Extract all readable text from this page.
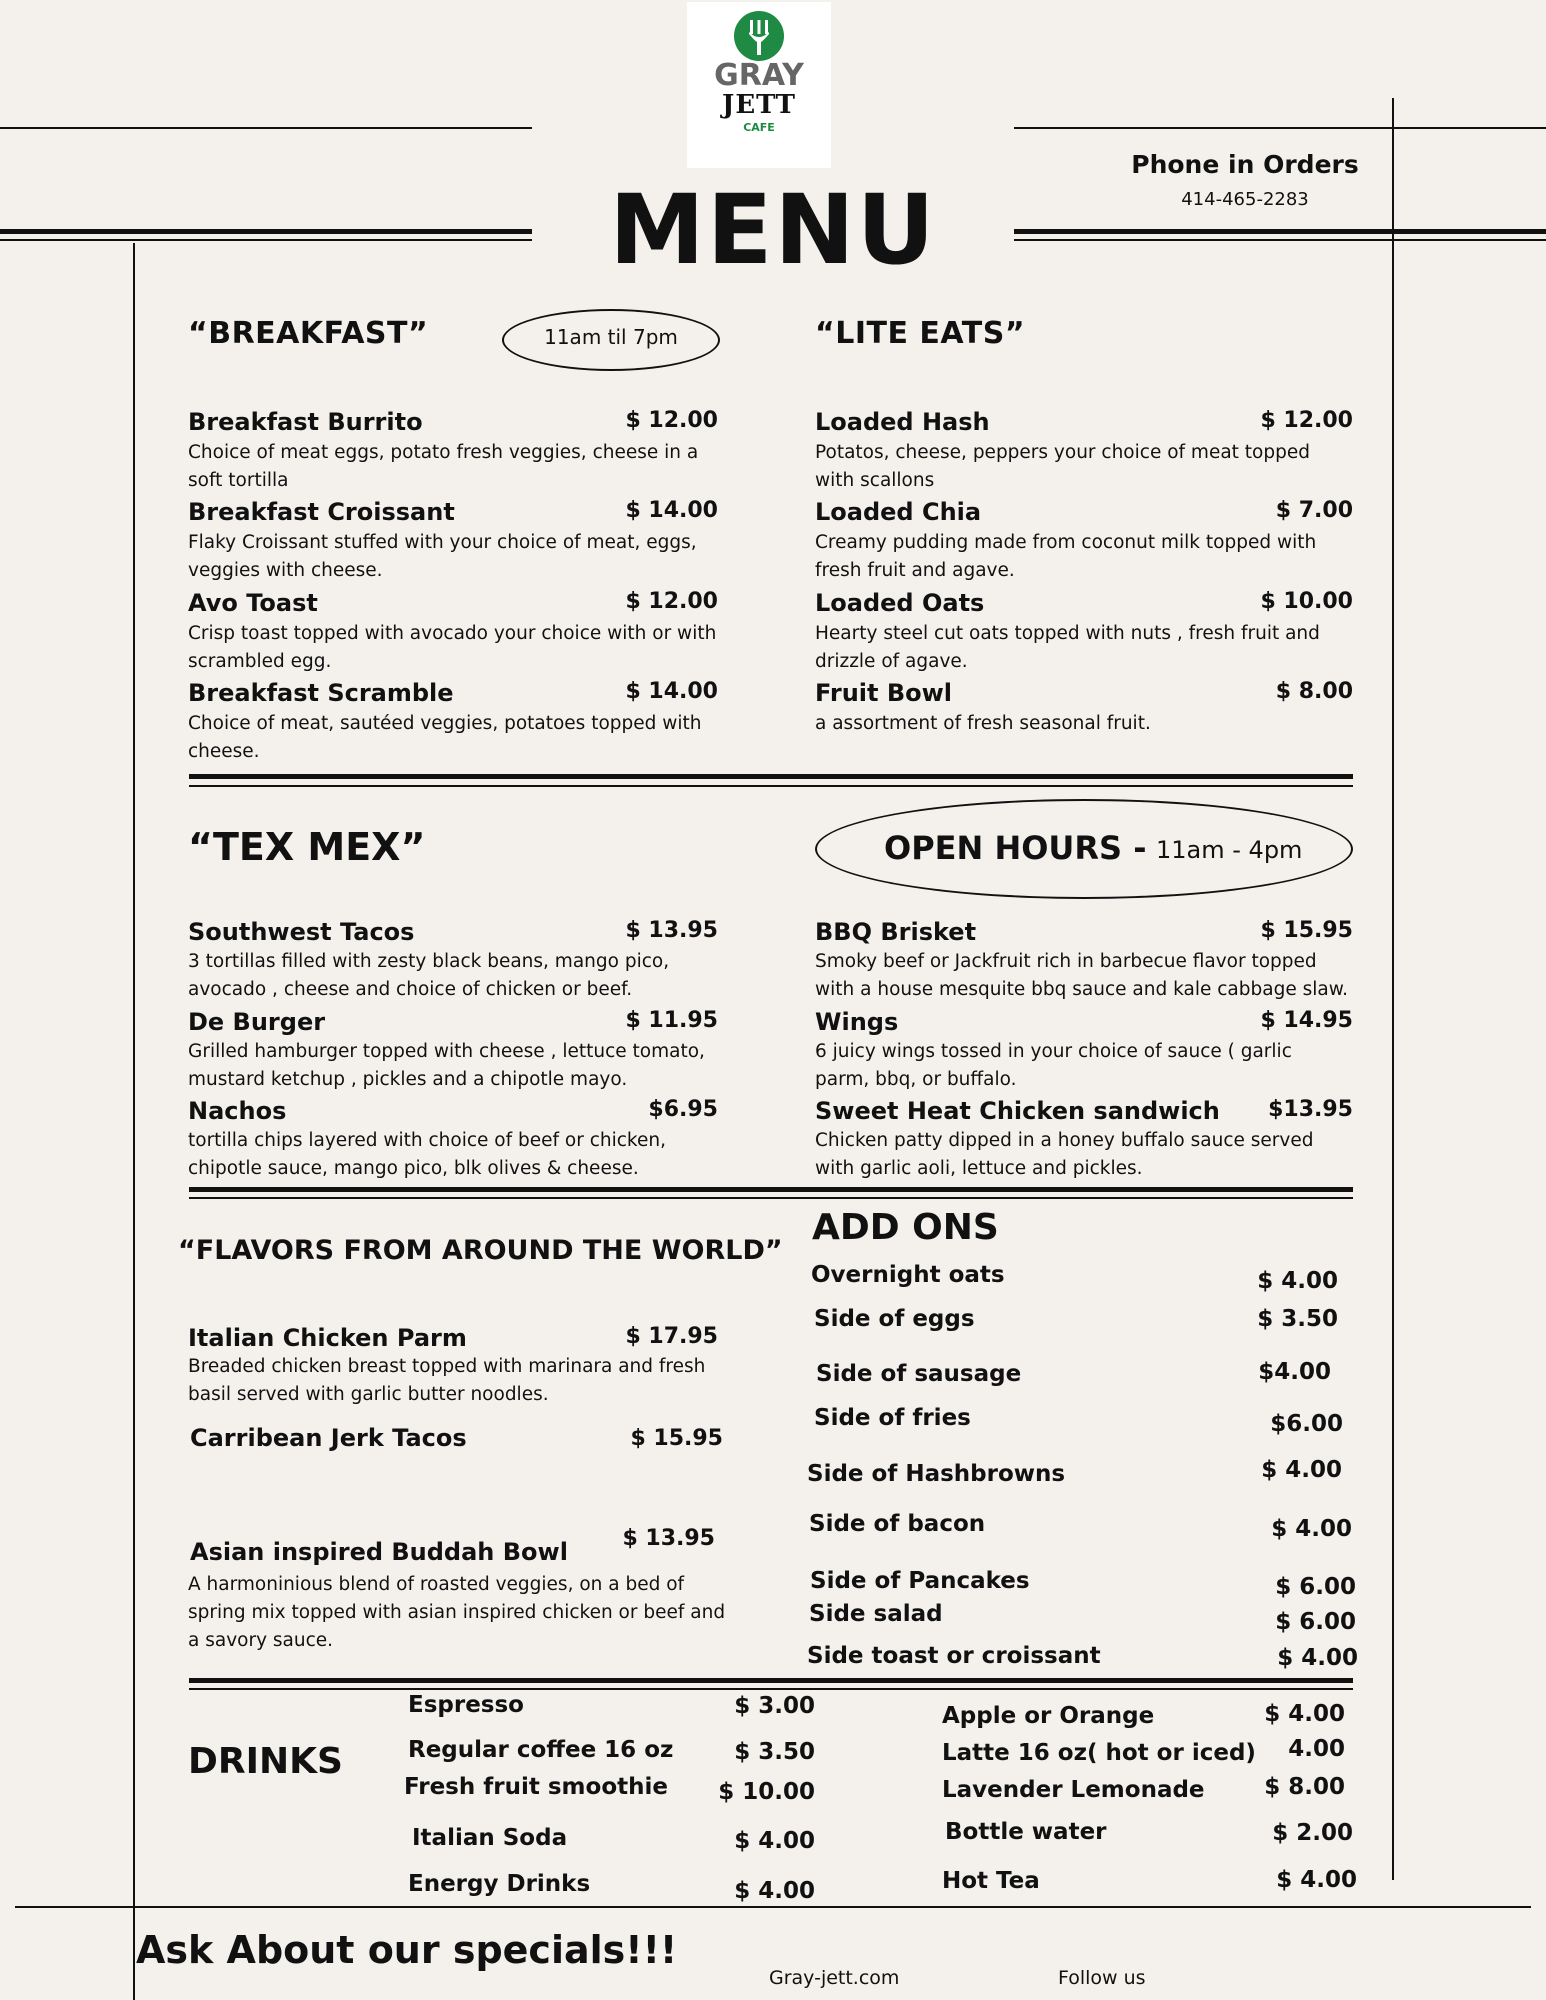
GRAY
JETT
CAFE
MENU
Phone in Orders
414-465-2283
“BREAKFAST”	11am til 7pm
Breakfast Burrito	$ 12.00
Choice of meat eggs, potato fresh veggies, cheese in a soft tortilla
Breakfast Croissant	$ 14.00
Flaky Croissant stuffed with your choice of meat, eggs, veggies with cheese.
Avo Toast	$ 12.00
Crisp toast topped with avocado your choice with or with scrambled egg.
Breakfast Scramble	$ 14.00
Choice of meat, sautéed veggies, potatoes topped with cheese.
“LITE EATS”
Loaded Hash	$ 12.00
Potatos, cheese, peppers your choice of meat topped with scallons
Loaded Chia	$ 7.00
Creamy pudding made from coconut milk topped with fresh fruit and agave.
Loaded Oats	$ 10.00
Hearty steel cut oats topped with nuts , fresh fruit and drizzle of agave.
Fruit Bowl	$ 8.00
a assortment of fresh seasonal fruit.
“TEX MEX”
Southwest Tacos	$ 13.95
3 tortillas filled with zesty black beans, mango pico, avocado , cheese and choice of chicken or beef.
De Burger	$ 11.95
Grilled hamburger topped with cheese , lettuce tomato, mustard ketchup , pickles and a chipotle mayo.
Nachos	$6.95
tortilla chips layered with choice of beef or chicken, chipotle sauce, mango pico, blk olives & cheese.
OPEN HOURS - 11am - 4pm
BBQ Brisket	$ 15.95
Smoky beef or Jackfruit rich in barbecue flavor topped with a house mesquite bbq sauce and kale cabbage slaw.
Wings	$ 14.95
6 juicy wings tossed in your choice of sauce ( garlic parm, bbq, or buffalo.
Sweet Heat Chicken sandwich	$13.95
Chicken patty dipped in a honey buffalo sauce served with garlic aoli, lettuce and pickles.
“FLAVORS FROM AROUND THE WORLD”
Italian Chicken Parm	$ 17.95
Breaded chicken breast topped with marinara and fresh basil served with garlic butter noodles.
Carribean Jerk Tacos	$ 15.95
Asian inspired Buddah Bowl	$ 13.95
A harmoninious blend of roasted veggies, on a bed of spring mix topped with asian inspired chicken or beef and a savory sauce.
ADD ONS
Overnight oats	$ 4.00
Side of eggs	$ 3.50
Side of sausage	$4.00
Side of fries	$6.00
Side of Hashbrowns	$ 4.00
Side of bacon	$ 4.00
Side of Pancakes	$ 6.00
Side salad	$ 6.00
Side toast or croissant	$ 4.00
DRINKS
Espresso	$ 3.00
Regular coffee 16 oz	$ 3.50
Fresh fruit smoothie	$ 10.00
Italian Soda	$ 4.00
Energy Drinks	$ 4.00
Apple or Orange	$ 4.00
Latte 16 oz( hot or iced)	4.00
Lavender Lemonade	$ 8.00
Bottle water	$ 2.00
Hot Tea	$ 4.00
Ask About our specials!!!
Gray-jett.com	Follow us
